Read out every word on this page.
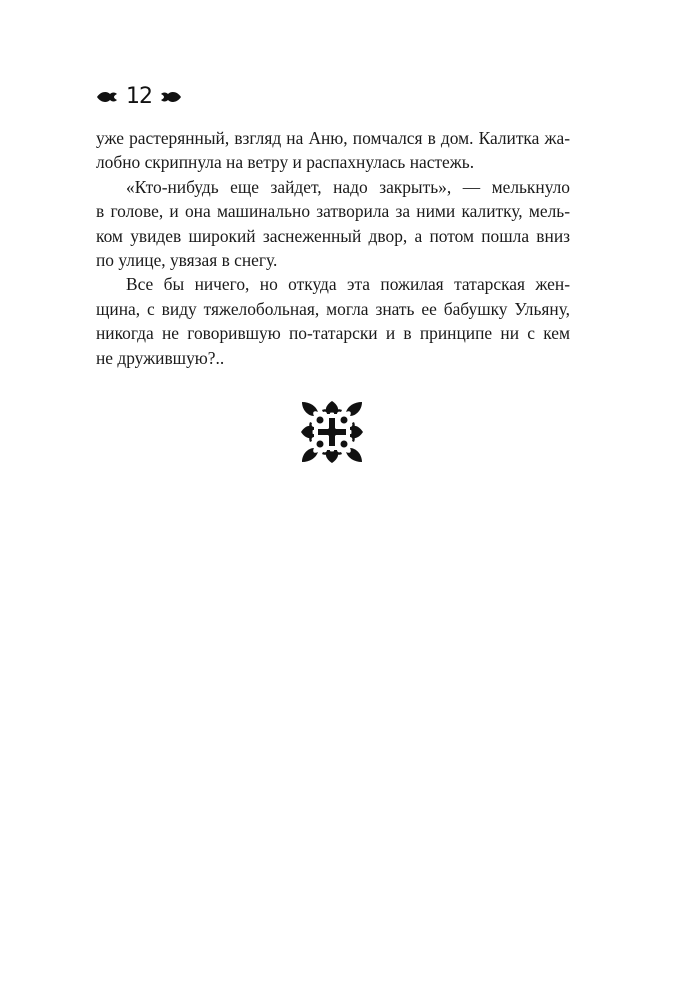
12

уже растерянный, взгляд на Аню, помчался в дом. Калитка жа-
лобно скрипнула на ветру и распахнулась настежь.

«Кто-нибудь еще зайдет, надо закрыть», — мелькнуло
в голове, и она машинально затворила за ними калитку, мель-
ком увидев широкий заснеженный двор, а потом пошла вниз
по улице, увязая в снегу.

Все бы ничего, но откуда эта пожилая татарская жен-
щина, с виду тяжелобольная, могла знать ее бабушку Ульяну,
никогда не говорившую по-татарски и в принципе ни с кем
не дружившую?..
